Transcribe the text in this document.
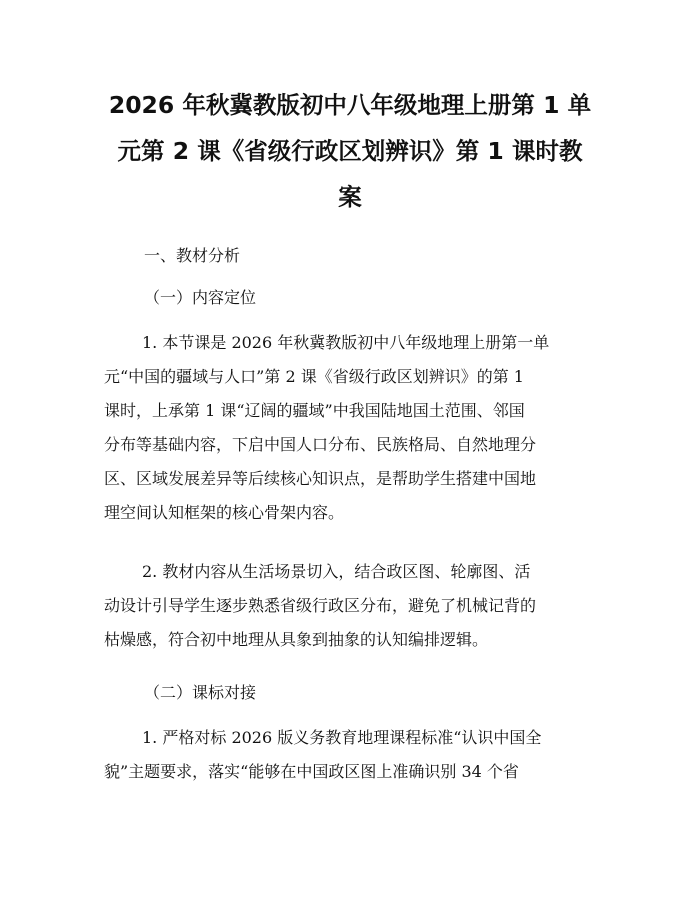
2026 年秋冀教版初中八年级地理上册第 1 单
元第 2 课《省级行政区划辨识》第 1 课时教
案

一、教材分析

（一）内容定位

1. 本节课是 2026 年秋冀教版初中八年级地理上册第一单
元“中国的疆域与人口”第 2 课《省级行政区划辨识》的第 1
课时，上承第 1 课“辽阔的疆域”中我国陆地国土范围、邻国
分布等基础内容，下启中国人口分布、民族格局、自然地理分
区、区域发展差异等后续核心知识点，是帮助学生搭建中国地
理空间认知框架的核心骨架内容。

2. 教材内容从生活场景切入，结合政区图、轮廓图、活
动设计引导学生逐步熟悉省级行政区分布，避免了机械记背的
枯燥感，符合初中地理从具象到抽象的认知编排逻辑。

（二）课标对接

1. 严格对标 2026 版义务教育地理课程标准“认识中国全
貌”主题要求，落实“能够在中国政区图上准确识别 34 个省
